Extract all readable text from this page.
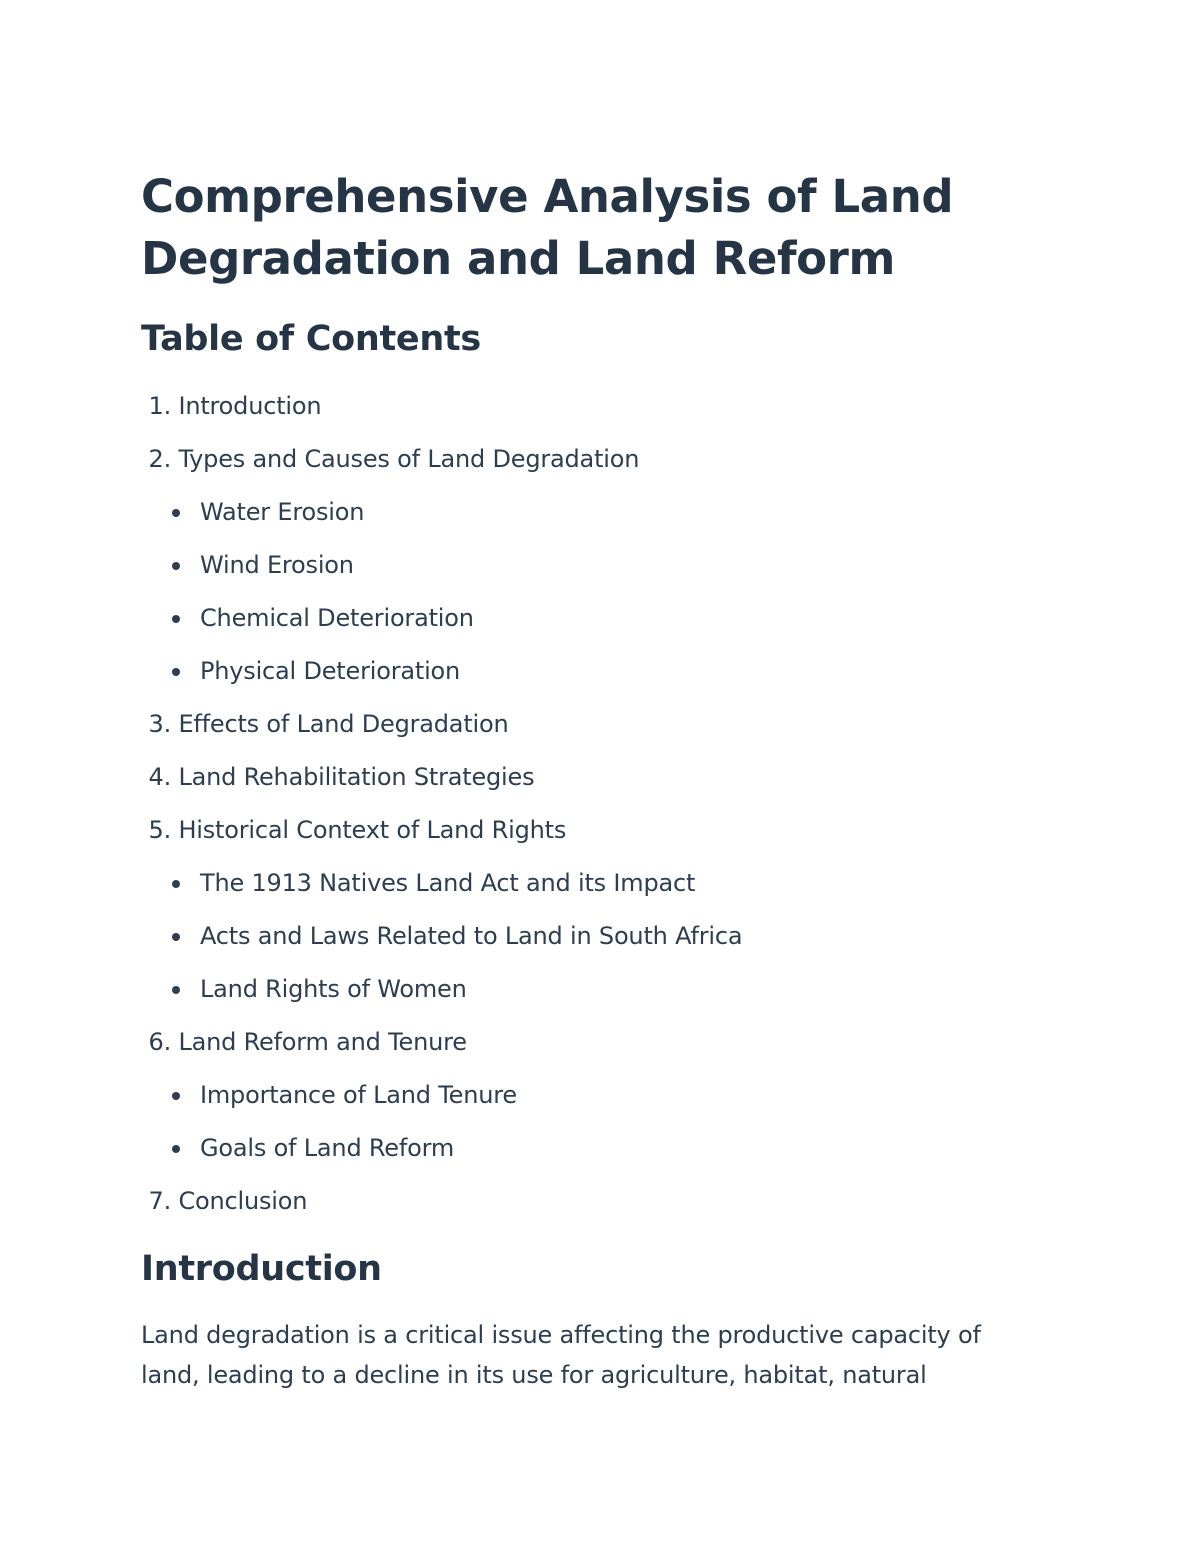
Comprehensive Analysis of Land Degradation and Land Reform
Table of Contents
1. Introduction
2. Types and Causes of Land Degradation
Water Erosion
Wind Erosion
Chemical Deterioration
Physical Deterioration
3. Effects of Land Degradation
4. Land Rehabilitation Strategies
5. Historical Context of Land Rights
The 1913 Natives Land Act and its Impact
Acts and Laws Related to Land in South Africa
Land Rights of Women
6. Land Reform and Tenure
Importance of Land Tenure
Goals of Land Reform
7. Conclusion
Introduction

Land degradation is a critical issue affecting the productive capacity of land, leading to a decline in its use for agriculture, habitat, natural
